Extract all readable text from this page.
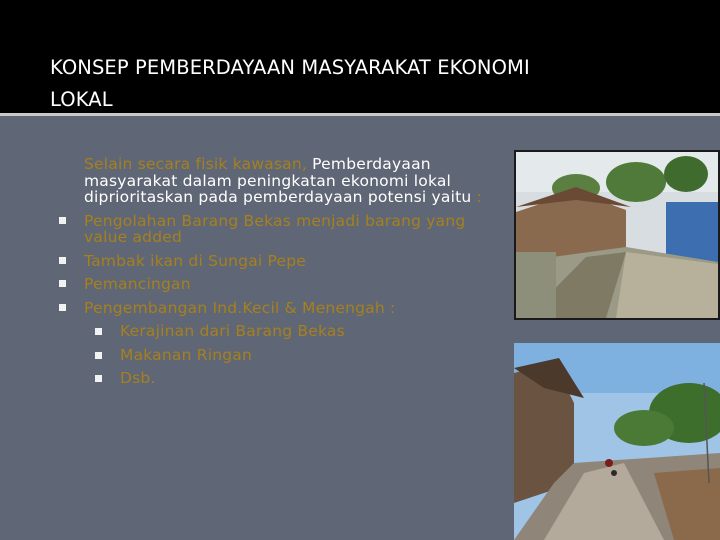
KONSEP PEMBERDAYAAN MASYARAKAT EKONOMI LOKAL
Selain secara fisik kawasan, Pemberdayaan masyarakat dalam peningkatan ekonomi lokal diprioritaskan pada pemberdayaan potensi yaitu :
Pengolahan Barang Bekas menjadi barang yang value added
Tambak ikan di Sungai Pepe
Pemancingan
Pengembangan Ind.Kecil & Menengah :
Kerajinan dari Barang Bekas
Makanan Ringan
Dsb.
